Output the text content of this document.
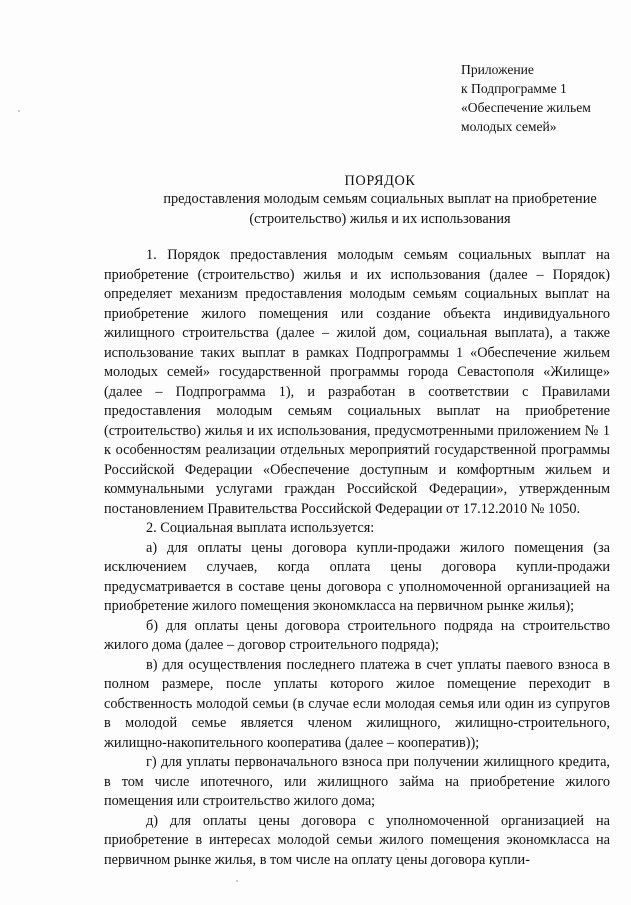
Приложение
к Подпрограмме 1
«Обеспечение жильем
молодых семей»
ПОРЯДОК
предоставления молодым семьям социальных выплат на приобретение
(строительство) жилья и их использования

1. Порядок предоставления молодым семьям социальных выплат на приобретение (строительство) жилья и их использования (далее – Порядок) определяет механизм предоставления молодым семьям социальных выплат на приобретение жилого помещения или создание объекта индивидуального жилищного строительства (далее – жилой дом, социальная выплата), а также использование таких выплат в рамках Подпрограммы 1 «Обеспечение жильем молодых семей» государственной программы города Севастополя «Жилище» (далее – Подпрограмма 1), и разработан в соответствии с Правилами предоставления молодым семьям социальных выплат на приобретение (строительство) жилья и их использования, предусмотренными приложением № 1 к особенностям реализации отдельных мероприятий государственной программы Российской Федерации «Обеспечение доступным и комфортным жильем и коммунальными услугами граждан Российской Федерации», утвержденным постановлением Правительства Российской Федерации от 17.12.2010 № 1050.

2. Социальная выплата используется:

а) для оплаты цены договора купли-продажи жилого помещения (за исключением случаев, когда оплата цены договора купли-продажи предусматривается в составе цены договора с уполномоченной организацией на приобретение жилого помещения экономкласса на первичном рынке жилья);

б) для оплаты цены договора строительного подряда на строительство жилого дома (далее – договор строительного подряда);

в) для осуществления последнего платежа в счет уплаты паевого взноса в полном размере, после уплаты которого жилое помещение переходит в собственность молодой семьи (в случае если молодая семья или один из супругов в молодой семье является членом жилищного, жилищно-строительного, жилищно-накопительного кооператива (далее – кооператив));

г) для уплаты первоначального взноса при получении жилищного кредита, в том числе ипотечного, или жилищного займа на приобретение жилого помещения или строительство жилого дома;

д) для оплаты цены договора с уполномоченной организацией на приобретение в интересах молодой семьи жилого помещения экономкласса на первичном рынке жилья, в том числе на оплату цены договора купли-
